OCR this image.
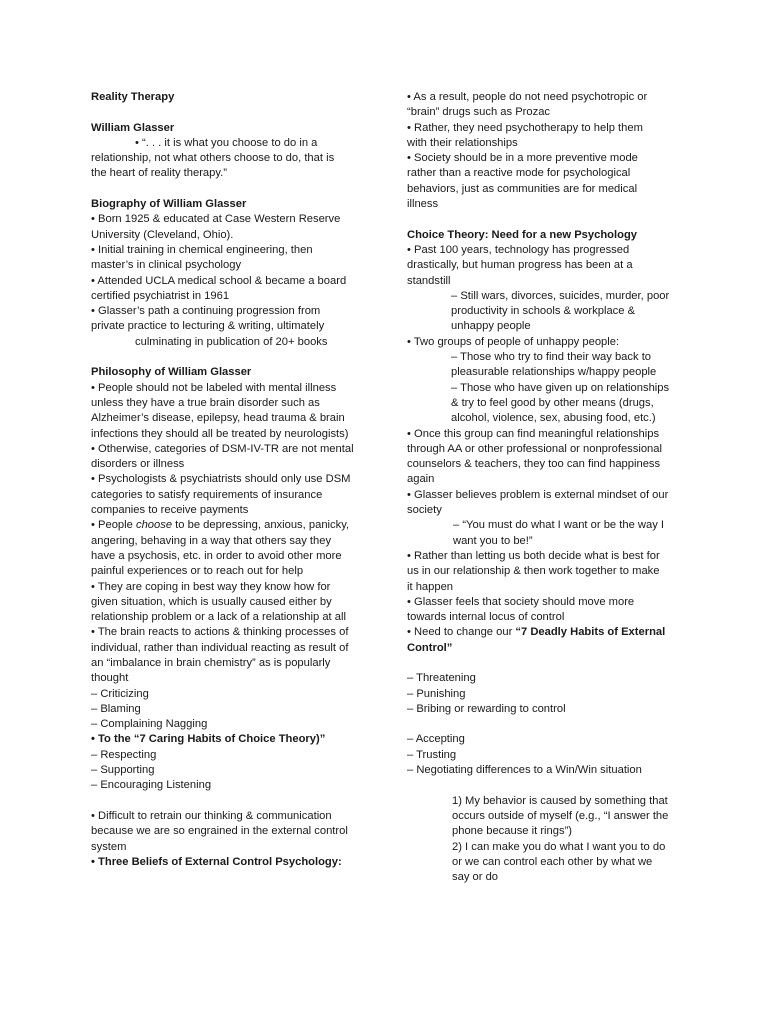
Reality Therapy
William Glasser
• “. . . it is what you choose to do in a
relationship, not what others choose to do, that is
the heart of reality therapy.”
Biography of William Glasser
• Born 1925 & educated at Case Western Reserve
University (Cleveland, Ohio).
• Initial training in chemical engineering, then
master’s in clinical psychology
• Attended UCLA medical school & became a board
certified psychiatrist in 1961
• Glasser’s path a continuing progression from
private practice to lecturing & writing, ultimately
culminating in publication of 20+ books
Philosophy of William Glasser
• People should not be labeled with mental illness
unless they have a true brain disorder such as
Alzheimer’s disease, epilepsy, head trauma & brain
infections they should all be treated by neurologists)
• Otherwise, categories of DSM-IV-TR are not mental
disorders or illness
• Psychologists & psychiatrists should only use DSM
categories to satisfy requirements of insurance
companies to receive payments
• People choose to be depressing, anxious, panicky,
angering, behaving in a way that others say they
have a psychosis, etc. in order to avoid other more
painful experiences or to reach out for help
• They are coping in best way they know how for
given situation, which is usually caused either by
relationship problem or a lack of a relationship at all
• The brain reacts to actions & thinking processes of
individual, rather than individual reacting as result of
an “imbalance in brain chemistry” as is popularly
thought
– Criticizing
– Blaming
– Complaining Nagging
• To the “7 Caring Habits of Choice Theory)”
– Respecting
– Supporting
– Encouraging Listening
• Difficult to retrain our thinking & communication
because we are so engrained in the external control
system
• Three Beliefs of External Control Psychology:
• As a result, people do not need psychotropic or
“brain” drugs such as Prozac
• Rather, they need psychotherapy to help them
with their relationships
• Society should be in a more preventive mode
rather than a reactive mode for psychological
behaviors, just as communities are for medical
illness
Choice Theory: Need for a new Psychology
• Past 100 years, technology has progressed
drastically, but human progress has been at a
standstill
– Still wars, divorces, suicides, murder, poor
productivity in schools & workplace &
unhappy people
• Two groups of people of unhappy people:
– Those who try to find their way back to
pleasurable relationships w/happy people
– Those who have given up on relationships
& try to feel good by other means (drugs,
alcohol, violence, sex, abusing food, etc.)
• Once this group can find meaningful relationships
through AA or other professional or nonprofessional
counselors & teachers, they too can find happiness
again
• Glasser believes problem is external mindset of our
society
– “You must do what I want or be the way I
want you to be!”
• Rather than letting us both decide what is best for
us in our relationship & then work together to make
it happen
• Glasser feels that society should move more
towards internal locus of control
• Need to change our “7 Deadly Habits of External
Control”
– Threatening
– Punishing
– Bribing or rewarding to control
– Accepting
– Trusting
– Negotiating differences to a Win/Win situation
1) My behavior is caused by something that
occurs outside of myself (e.g., “I answer the
phone because it rings”)
2) I can make you do what I want you to do
or we can control each other by what we
say or do
